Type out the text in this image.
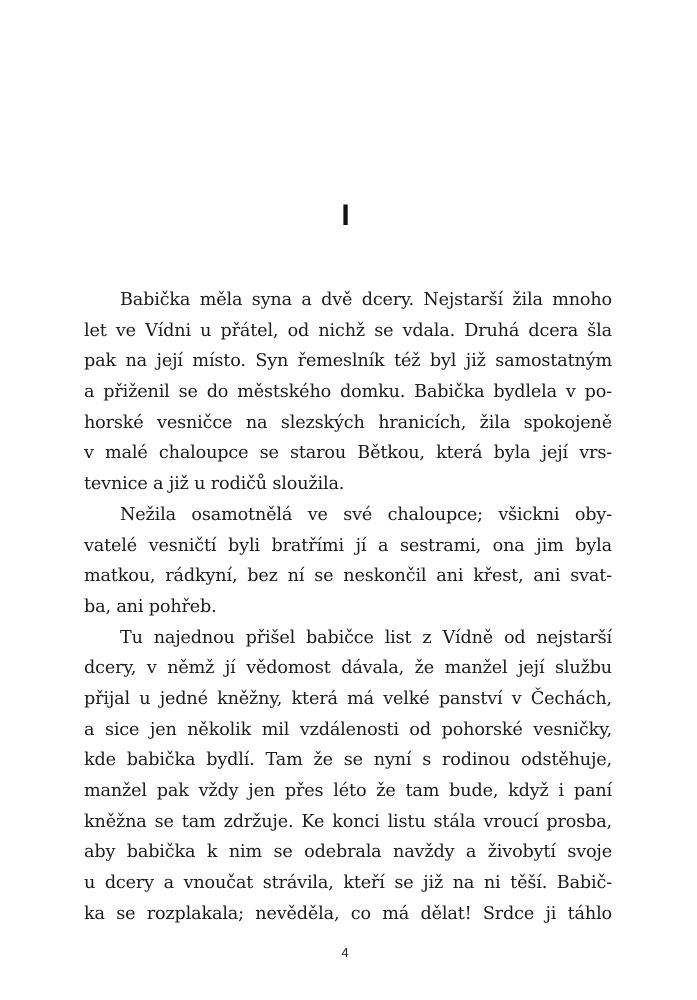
I
Babička měla syna a dvě dcery. Nejstarší žila mnoho
let ve Vídni u přátel, od nichž se vdala. Druhá dcera šla
pak na její místo. Syn řemeslník též byl již samostatným
a přiženil se do městského domku. Babička bydlela v po-
horské vesničce na slezských hranicích, žila spokojeně
v malé chaloupce se starou Bětkou, která byla její vrs-
tevnice a již u rodičů sloužila.
Nežila osamotnělá ve své chaloupce; všickni oby-
vatelé vesničtí byli bratřími jí a sestrami, ona jim byla
matkou, rádkyní, bez ní se neskončil ani křest, ani svat-
ba, ani pohřeb.
Tu najednou přišel babičce list z Vídně od nejstarší
dcery, v němž jí vědomost dávala, že manžel její službu
přijal u jedné kněžny, která má velké panství v Čechách,
a sice jen několik mil vzdálenosti od pohorské vesničky,
kde babička bydlí. Tam že se nyní s rodinou odstěhuje,
manžel pak vždy jen přes léto že tam bude, když i paní
kněžna se tam zdržuje. Ke konci listu stála vroucí prosba,
aby babička k nim se odebrala navždy a živobytí svoje
u dcery a vnoučat strávila, kteří se již na ni těší. Babič-
ka se rozplakala; nevěděla, co má dělat! Srdce ji táhlo
4
